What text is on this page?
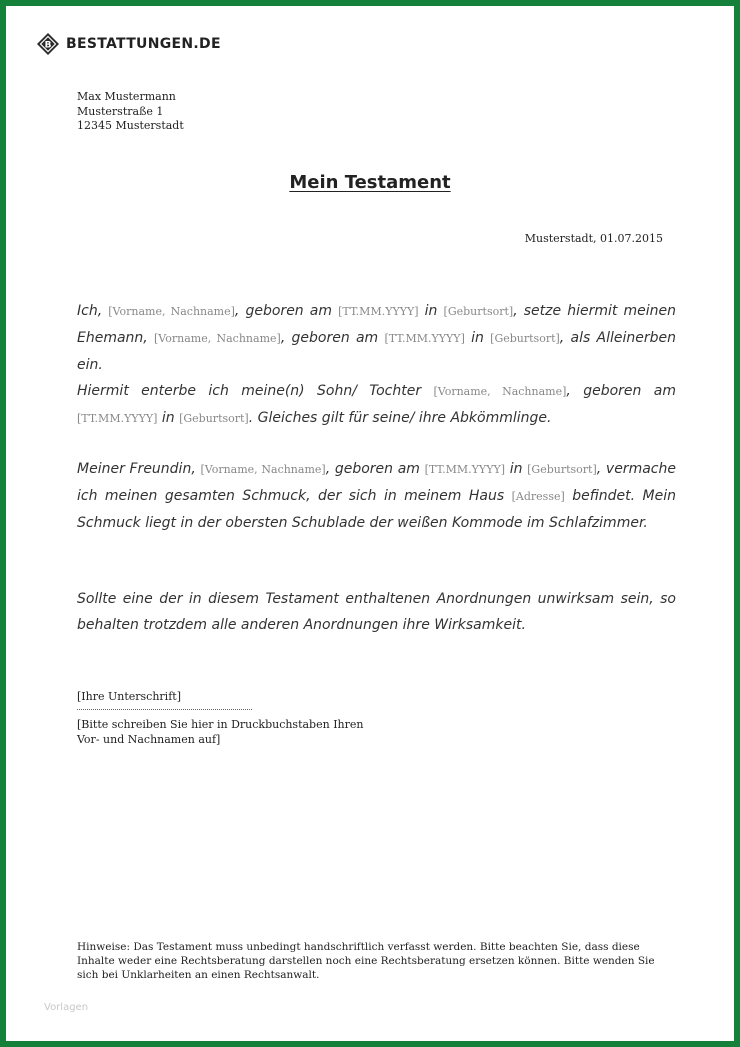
B BESTATTUNGEN.DE
Max Mustermann
Musterstraße 1
12345 Musterstadt
Mein Testament
Musterstadt, 01.07.2015
Ich, [Vorname, Nachname], geboren am [TT.MM.YYYY] in [Geburtsort], setze hiermit meinen Ehemann, [Vorname, Nachname], geboren am [TT.MM.YYYY] in [Geburtsort], als Alleinerben ein.
Hiermit enterbe ich meine(n) Sohn/ Tochter [Vorname, Nachname], geboren am [TT.MM.YYYY] in [Geburtsort]. Gleiches gilt für seine/ ihre Abkömmlinge.
Meiner Freundin, [Vorname, Nachname], geboren am [TT.MM.YYYY] in [Geburtsort], vermache ich meinen gesamten Schmuck, der sich in meinem Haus [Adresse] befindet. Mein Schmuck liegt in der obersten Schublade der weißen Kommode im Schlafzimmer.
Sollte eine der in diesem Testament enthaltenen Anordnungen unwirksam sein, so behalten trotzdem alle anderen Anordnungen ihre Wirksamkeit.
[Ihre Unterschrift]
[Bitte schreiben Sie hier in Druckbuchstaben Ihren Vor- und Nachnamen auf]
Hinweise: Das Testament muss unbedingt handschriftlich verfasst werden. Bitte beachten Sie, dass diese Inhalte weder eine Rechtsberatung darstellen noch eine Rechtsberatung ersetzen können. Bitte wenden Sie sich bei Unklarheiten an einen Rechtsanwalt.
Vorlagen
